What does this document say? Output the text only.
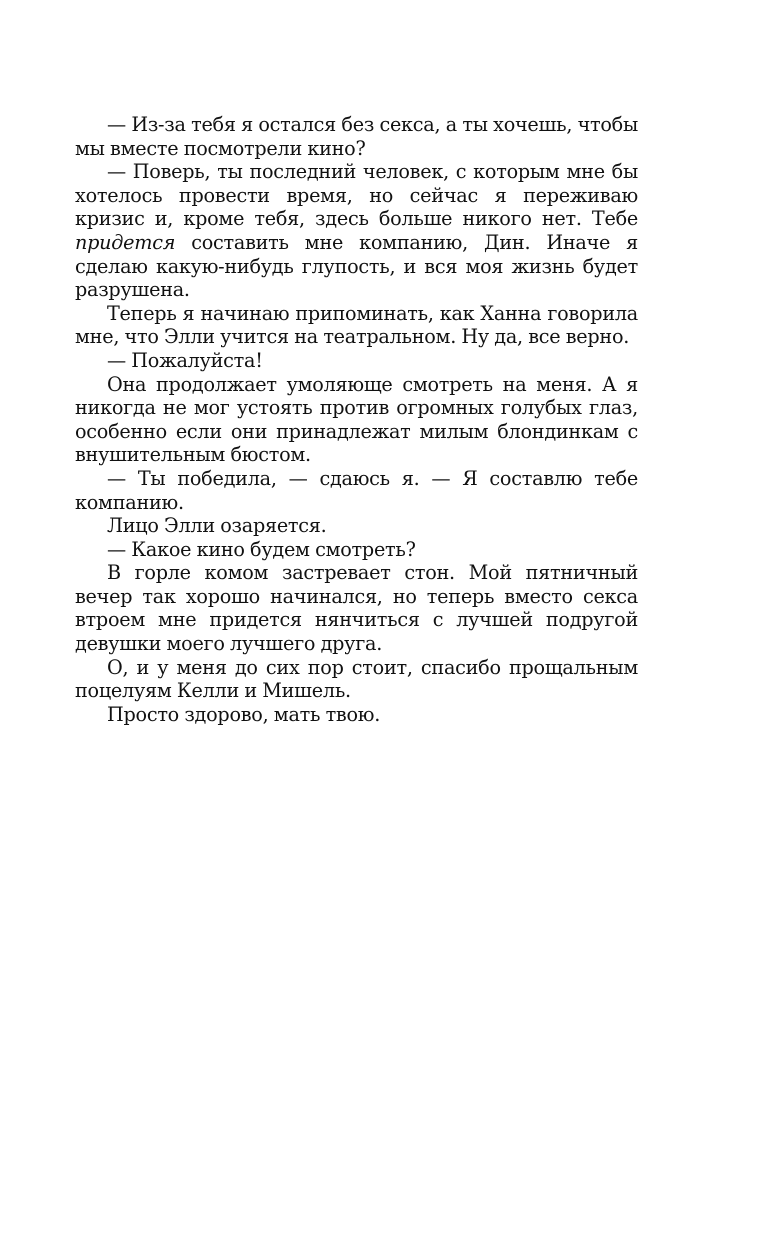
— Из-за тебя я остался без секса, а ты хочешь, чтобы мы вместе посмотрели кино?

— Поверь, ты последний человек, с которым мне бы хотелось провести время, но сейчас я переживаю кризис и, кроме тебя, здесь больше никого нет. Тебе придется составить мне компанию, Дин. Иначе я сделаю какую-нибудь глупость, и вся моя жизнь будет разрушена.

Теперь я начинаю припоминать, как Ханна говорила мне, что Элли учится на театральном. Ну да, все верно.

— Пожалуйста!

Она продолжает умоляюще смотреть на меня. А я никогда не мог устоять против огромных голубых глаз, особенно если они принадлежат милым блондинкам с внушительным бюстом.

— Ты победила, — сдаюсь я. — Я составлю тебе компанию.

Лицо Элли озаряется.

— Какое кино будем смотреть?

В горле комом застревает стон. Мой пятничный вечер так хорошо начинался, но теперь вместо секса втроем мне придется нянчиться с лучшей подругой девушки моего лучшего друга.

О, и у меня до сих пор стоит, спасибо прощальным поцелуям Келли и Мишель.

Просто здорово, мать твою.
